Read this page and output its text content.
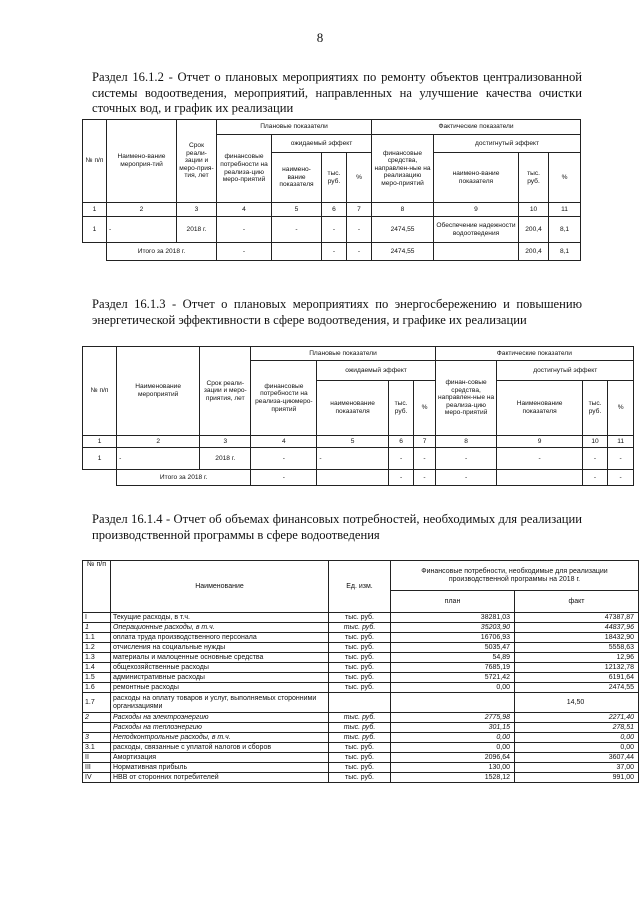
8
Раздел 16.1.2 - Отчет о плановых мероприятиях по ремонту объектов централизованной системы водоотведения, мероприятий, направленных на улучшение качества очистки сточных вод, и график их реализации
№ п/п	Наимено-вание мероприя-тий	Срок реали-зации и меро-прия-тия, лет	Плановые показатели				Фактические показатели			
			финансовые потребности на реализа-цию меро-приятий	ожидаемый эффект			финансовые средства, направлен-ные на реализацию меро-приятий	достигнутый эффект		
				наимено-вание показателя	тыс. руб.	%		наимено-вание показателя	тыс. руб.	%
1	2	3	4	5	6	7	8	9	10	11
1	-	2018 г.	-	-	-	-	2474,55	Обеспечение надежности водоотведения	200,4	8,1
	Итого за 2018 г.		-		-	-	2474,55		200,4	8,1
Раздел 16.1.3 - Отчет о плановых мероприятиях по энергосбережению и повышению энергетической эффективности в сфере водоотведения, и графике их реализации
№ п/п	Наименование мероприятий	Срок реали-зации и меро-приятия, лет	Плановые показатели				Фактические показатели			
			финансовые потребности на реализа-циюмеро-приятий	ожидаемый эффект			финан-совые средства, направлен-ные на реализа-цию меро-приятий	достигнутый эффект		
				наименование показателя	тыс. руб.	%		Наименование показателя	тыс. руб.	%
1	2	3	4	5	6	7	8	9	10	11
1	-	2018 г.	-	-	-	-	-	-	-	-
	Итого за 2018 г.		-		-	-	-		-	-
Раздел 16.1.4 - Отчет об объемах финансовых потребностей, необходимых для реализации производственной программы в сфере водоотведения
№ п/п	Наименование	Ед. изм.	Финансовые потребности, необходимые для реализации производственной программы на 2018 г.	
			план	факт
I	Текущие расходы, в т.ч.	тыс. руб.	38281,03	47387,87
1	Операционные расходы, в т.ч.	тыс. руб.	35203,90	44837,96
1.1	оплата труда производственного персонала	тыс. руб.	16706,93	18432,90
1.2	отчисления на социальные нужды	тыс. руб.	5035,47	5558,63
1.3	материалы и малоценные основные средства	тыс. руб.	54,89	12,96
1.4	общехозяйственные расходы	тыс. руб.	7685,19	12132,78
1.5	административные расходы	тыс. руб.	5721,42	6191,64
1.6	ремонтные расходы	тыс. руб.	0,00	2474,55
1.7	расходы на оплату товаров и услуг, выполняемых сторонними организациями			14,50
2	Расходы на электроэнергию	тыс. руб.	2775,98	2271,40
	Расходы на теплоэнергию	тыс. руб.	301,15	278,51
3	Неподконтрольные расходы, в т.ч.	тыс. руб.	0,00	0,00
3.1	расходы, связанные с уплатой налогов и сборов	тыс. руб.	0,00	0,00
II	Амортизация	тыс. руб.	2096,64	3607,44
III	Нормативная прибыль	тыс. руб.	130,00	37,00
IV	НВВ от сторонних потребителей	тыс. руб.	1528,12	991,00
